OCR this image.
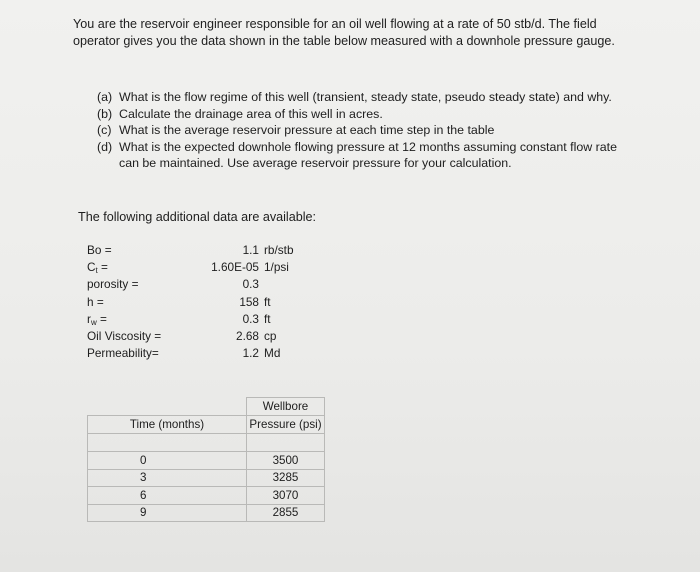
You are the reservoir engineer responsible for an oil well flowing at a rate of 50 stb/d. The field operator gives you the data shown in the table below measured with a downhole pressure gauge.
(a) What is the flow regime of this well (transient, steady state, pseudo steady state) and why.
(b) Calculate the drainage area of this well in acres.
(c) What is the average reservoir pressure at each time step in the table
(d) What is the expected downhole flowing pressure at 12 months assuming constant flow rate can be maintained. Use average reservoir pressure for your calculation.
The following additional data are available:
Bo =	1.1 rb/stb
$C_t$ =	1.60E-05 1/psi
porosity =	0.3
h =	158 ft
$r_w$ =	0.3 ft
Oil Viscosity =	2.68 cp
Permeability=	1.2 Md
	Wellbore
Time (months)	Pressure (psi)

0	3500
3	3285
6	3070
9	2855
